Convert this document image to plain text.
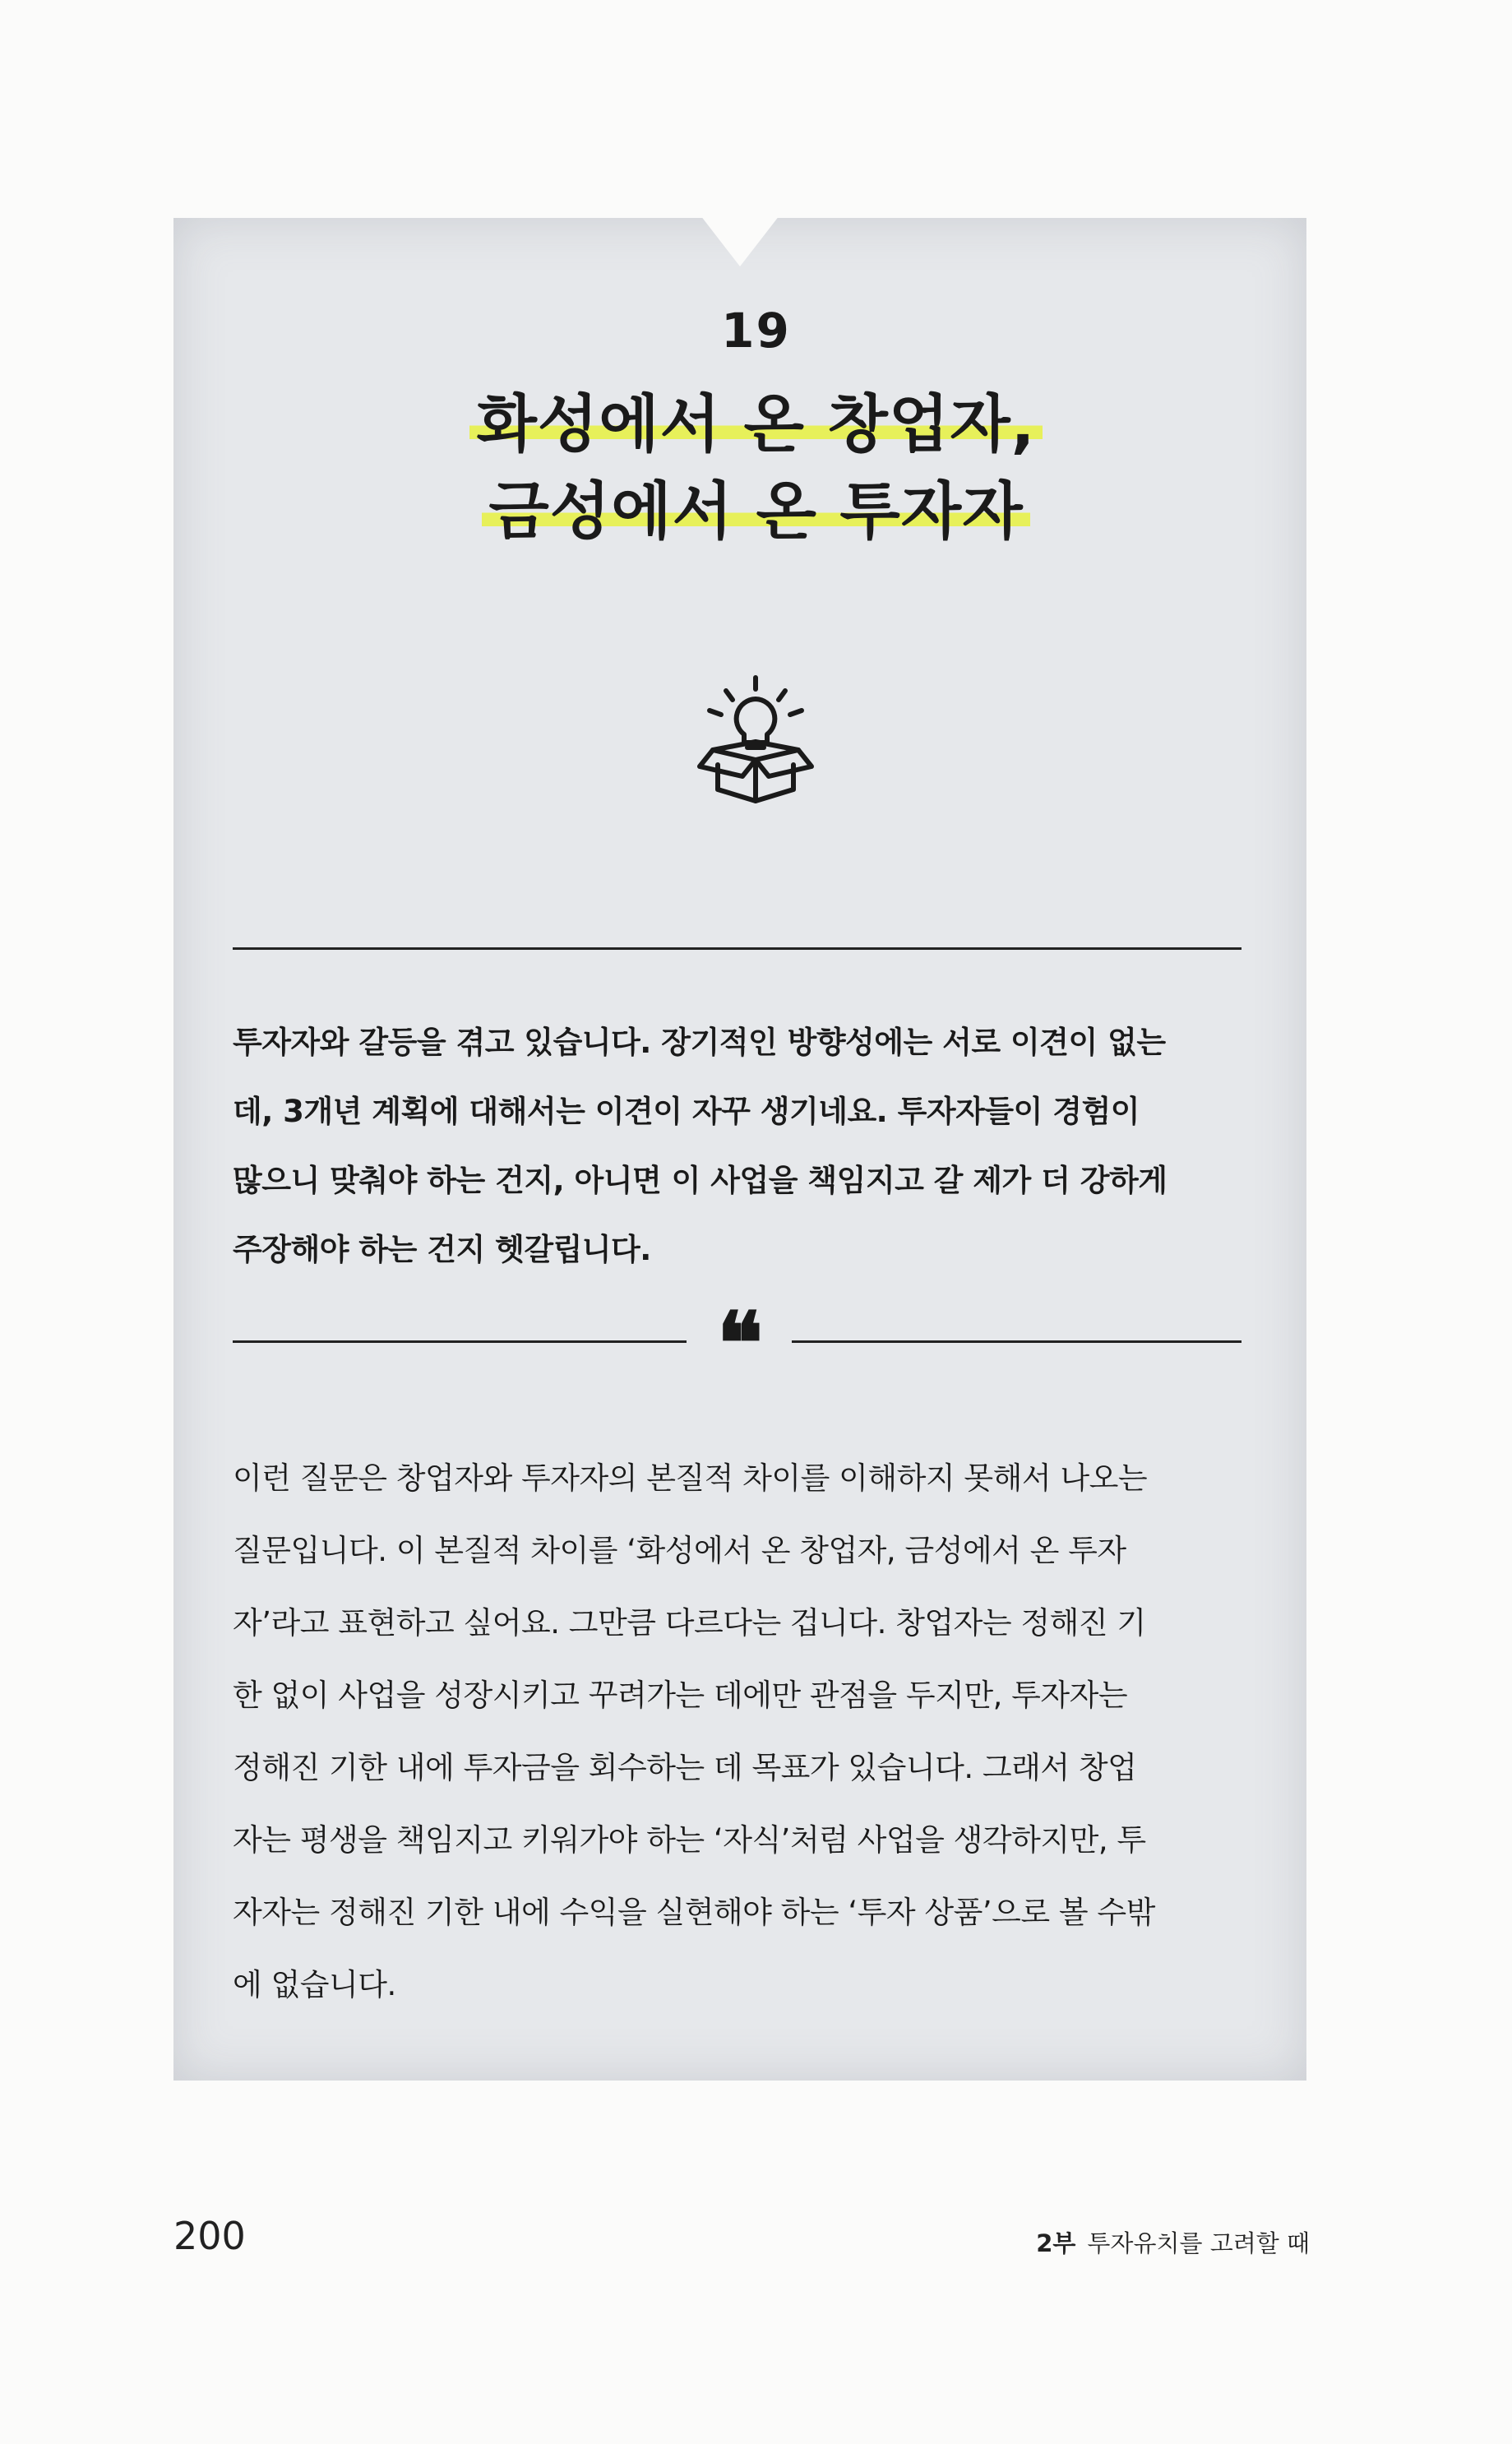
19
화성에서 온 창업자,
금성에서 온 투자자
투자자와 갈등을 겪고 있습니다. 장기적인 방향성에는 서로 이견이 없는
데, 3개년 계획에 대해서는 이견이 자꾸 생기네요. 투자자들이 경험이
많으니 맞춰야 하는 건지, 아니면 이 사업을 책임지고 갈 제가 더 강하게
주장해야 하는 건지 헷갈립니다.
❝
이런 질문은 창업자와 투자자의 본질적 차이를 이해하지 못해서 나오는
질문입니다. 이 본질적 차이를 ‘화성에서 온 창업자, 금성에서 온 투자
자’라고 표현하고 싶어요. 그만큼 다르다는 겁니다. 창업자는 정해진 기
한 없이 사업을 성장시키고 꾸려가는 데에만 관점을 두지만, 투자자는
정해진 기한 내에 투자금을 회수하는 데 목표가 있습니다. 그래서 창업
자는 평생을 책임지고 키워가야 하는 ‘자식’처럼 사업을 생각하지만, 투
자자는 정해진 기한 내에 수익을 실현해야 하는 ‘투자 상품’으로 볼 수밖
에 없습니다.
200	2부 투자유치를 고려할 때
